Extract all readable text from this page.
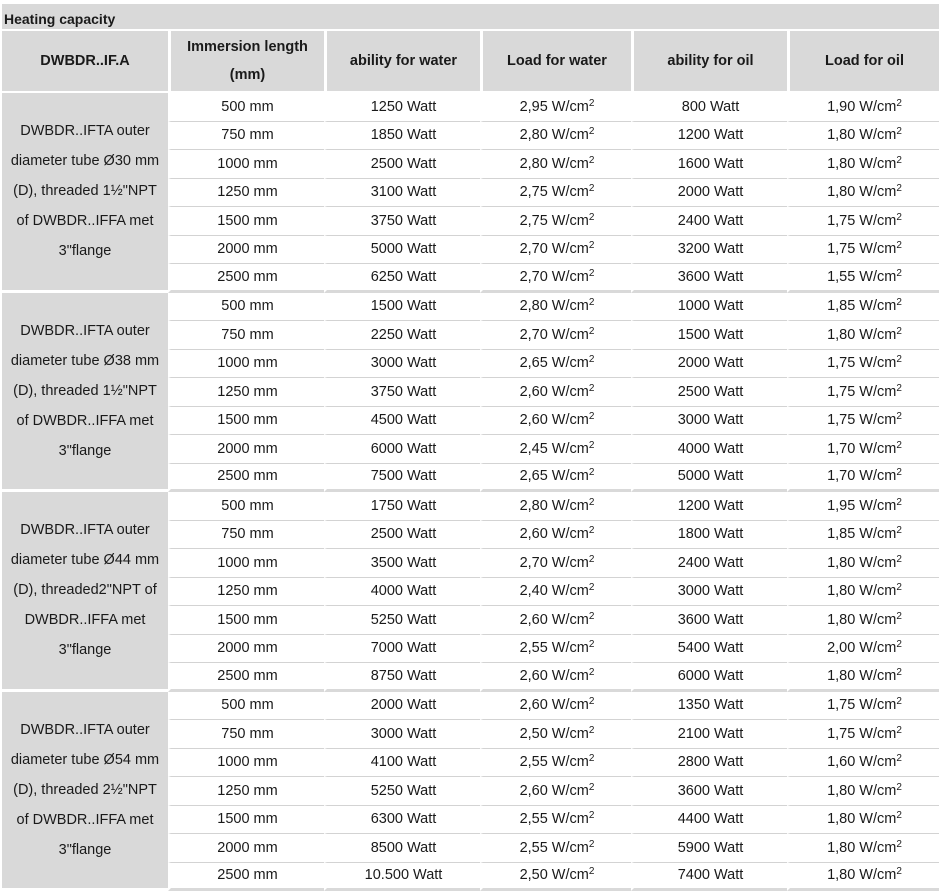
Heating capacity
DWBDR..IF.A	Immersion length (mm)	ability for water	Load for water	ability for oil	Load for oil
DWBDR..IFTA outer diameter tube Ø30 mm (D), threaded 1½"NPT of DWBDR..IFFA met 3"flange	500 mm	1250 Watt	2,95 $W/cm^2$	800 Watt	1,90 $W/cm^2$
	750 mm	1850 Watt	2,80 $W/cm^2$	1200 Watt	1,80 $W/cm^2$
	1000 mm	2500 Watt	2,80 $W/cm^2$	1600 Watt	1,80 $W/cm^2$
	1250 mm	3100 Watt	2,75 $W/cm^2$	2000 Watt	1,80 $W/cm^2$
	1500 mm	3750 Watt	2,75 $W/cm^2$	2400 Watt	1,75 $W/cm^2$
	2000 mm	5000 Watt	2,70 $W/cm^2$	3200 Watt	1,75 $W/cm^2$
	2500 mm	6250 Watt	2,70 $W/cm^2$	3600 Watt	1,55 $W/cm^2$
DWBDR..IFTA outer diameter tube Ø38 mm (D), threaded 1½"NPT of DWBDR..IFFA met 3"flange	500 mm	1500 Watt	2,80 $W/cm^2$	1000 Watt	1,85 $W/cm^2$
	750 mm	2250 Watt	2,70 $W/cm^2$	1500 Watt	1,80 $W/cm^2$
	1000 mm	3000 Watt	2,65 $W/cm^2$	2000 Watt	1,75 $W/cm^2$
	1250 mm	3750 Watt	2,60 $W/cm^2$	2500 Watt	1,75 $W/cm^2$
	1500 mm	4500 Watt	2,60 $W/cm^2$	3000 Watt	1,75 $W/cm^2$
	2000 mm	6000 Watt	2,45 $W/cm^2$	4000 Watt	1,70 $W/cm^2$
	2500 mm	7500 Watt	2,65 $W/cm^2$	5000 Watt	1,70 $W/cm^2$
DWBDR..IFTA outer diameter tube Ø44 mm (D), threaded2"NPT of DWBDR..IFFA met 3"flange	500 mm	1750 Watt	2,80 $W/cm^2$	1200 Watt	1,95 $W/cm^2$
	750 mm	2500 Watt	2,60 $W/cm^2$	1800 Watt	1,85 $W/cm^2$
	1000 mm	3500 Watt	2,70 $W/cm^2$	2400 Watt	1,80 $W/cm^2$
	1250 mm	4000 Watt	2,40 $W/cm^2$	3000 Watt	1,80 $W/cm^2$
	1500 mm	5250 Watt	2,60 $W/cm^2$	3600 Watt	1,80 $W/cm^2$
	2000 mm	7000 Watt	2,55 $W/cm^2$	5400 Watt	2,00 $W/cm^2$
	2500 mm	8750 Watt	2,60 $W/cm^2$	6000 Watt	1,80 $W/cm^2$
DWBDR..IFTA outer diameter tube Ø54 mm (D), threaded 2½"NPT of DWBDR..IFFA met 3"flange	500 mm	2000 Watt	2,60 $W/cm^2$	1350 Watt	1,75 $W/cm^2$
	750 mm	3000 Watt	2,50 $W/cm^2$	2100 Watt	1,75 $W/cm^2$
	1000 mm	4100 Watt	2,55 $W/cm^2$	2800 Watt	1,60 $W/cm^2$
	1250 mm	5250 Watt	2,60 $W/cm^2$	3600 Watt	1,80 $W/cm^2$
	1500 mm	6300 Watt	2,55 $W/cm^2$	4400 Watt	1,80 $W/cm^2$
	2000 mm	8500 Watt	2,55 $W/cm^2$	5900 Watt	1,80 $W/cm^2$
	2500 mm	10.500 Watt	2,50 $W/cm^2$	7400 Watt	1,80 $W/cm^2$
